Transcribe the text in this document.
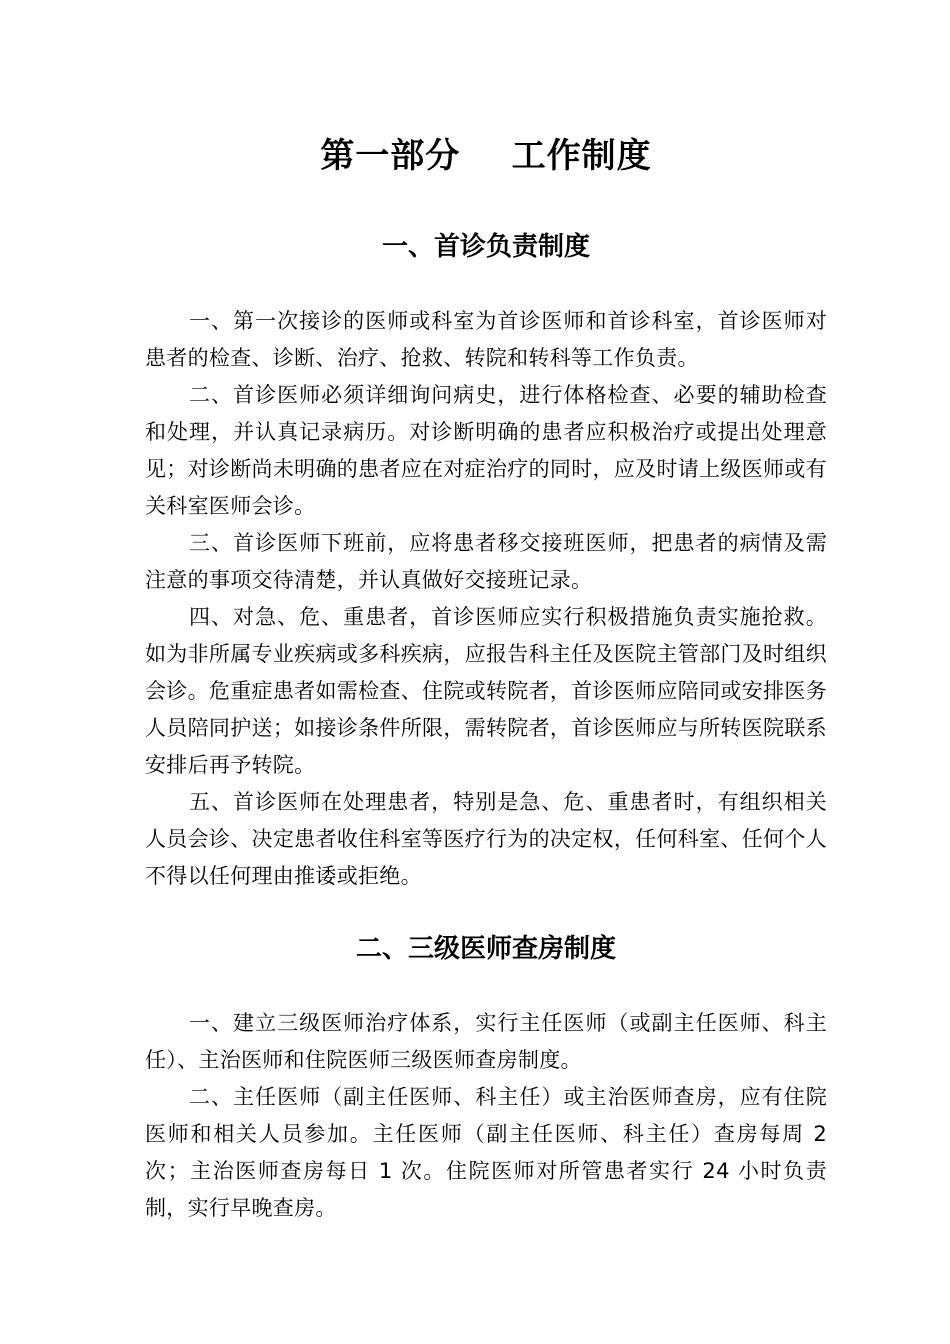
第一部分    工作制度
一、首诊负责制度

一、第一次接诊的医师或科室为首诊医师和首诊科室，首诊医师对患者的检查、诊断、治疗、抢救、转院和转科等工作负责。

二、首诊医师必须详细询问病史，进行体格检查、必要的辅助检查和处理，并认真记录病历。对诊断明确的患者应积极治疗或提出处理意见；对诊断尚未明确的患者应在对症治疗的同时，应及时请上级医师或有关科室医师会诊。

三、首诊医师下班前，应将患者移交接班医师，把患者的病情及需注意的事项交待清楚，并认真做好交接班记录。

四、对急、危、重患者，首诊医师应实行积极措施负责实施抢救。如为非所属专业疾病或多科疾病，应报告科主任及医院主管部门及时组织会诊。危重症患者如需检查、住院或转院者，首诊医师应陪同或安排医务人员陪同护送；如接诊条件所限，需转院者，首诊医师应与所转医院联系安排后再予转院。

五、首诊医师在处理患者，特别是急、危、重患者时，有组织相关人员会诊、决定患者收住科室等医疗行为的决定权，任何科室、任何个人不得以任何理由推诿或拒绝。

二、三级医师查房制度

一、建立三级医师治疗体系，实行主任医师（或副主任医师、科主任）、主治医师和住院医师三级医师查房制度。

二、主任医师（副主任医师、科主任）或主治医师查房，应有住院医师和相关人员参加。主任医师（副主任医师、科主任）查房每周 2 次；主治医师查房每日 1 次。住院医师对所管患者实行 24 小时负责制，实行早晚查房。
